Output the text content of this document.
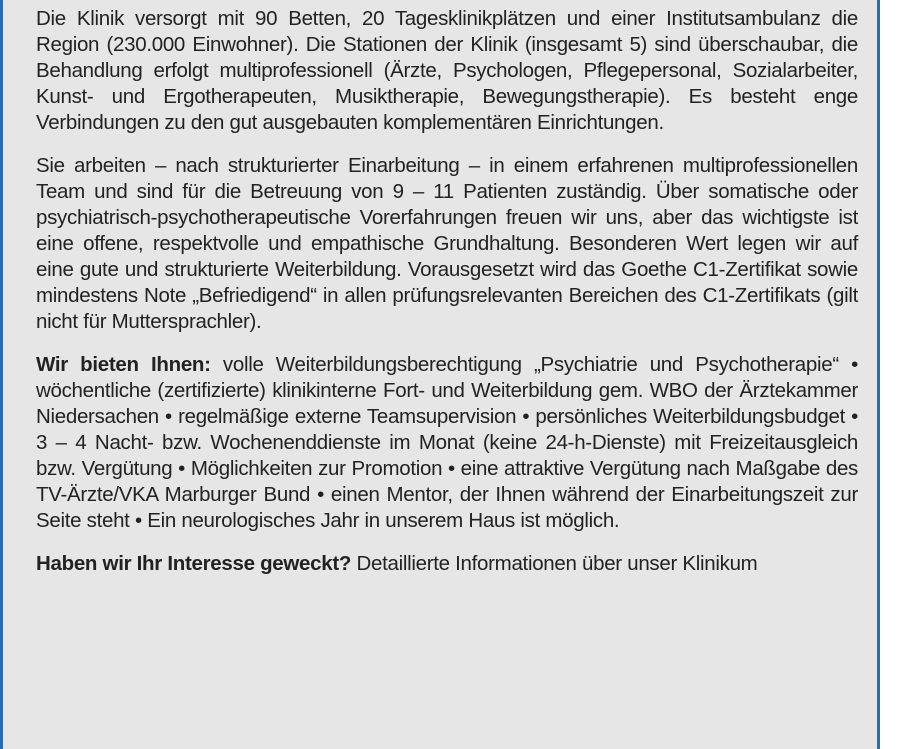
Die Klinik versorgt mit 90 Betten, 20 Tagesklinikplätzen und einer Institutsambulanz die Region (230.000 Einwohner). Die Stationen der Klinik (insgesamt 5) sind überschaubar, die Behandlung erfolgt multiprofessionell (Ärzte, Psychologen, Pflegepersonal, Sozialarbeiter, Kunst- und Ergotherapeuten, Musiktherapie, Bewegungstherapie). Es besteht enge Verbindungen zu den gut ausgebauten komplementären Einrichtungen.

Sie arbeiten – nach strukturierter Einarbeitung – in einem erfahrenen multiprofessionellen Team und sind für die Betreuung von 9 – 11 Patienten zuständig. Über somatische oder psychiatrisch-psychotherapeutische Vorerfahrungen freuen wir uns, aber das wichtigste ist eine offene, respektvolle und empathische Grundhaltung. Besonderen Wert legen wir auf eine gute und strukturierte Weiterbildung. Vorausgesetzt wird das Goethe C1-Zertifikat sowie mindestens Note „Befriedigend“ in allen prüfungsrelevanten Bereichen des C1-Zertifikats (gilt nicht für Muttersprachler).

Wir bieten Ihnen: volle Weiterbildungsberechtigung „Psychiatrie und Psychotherapie“ • wöchentliche (zertifizierte) klinikinterne Fort- und Weiterbildung gem. WBO der Ärztekammer Niedersachen • regelmäßige externe Teamsupervision • persönliches Weiterbildungsbudget • 3 – 4 Nacht- bzw. Wochenenddienste im Monat (keine 24-h-Dienste) mit Freizeitausgleich bzw. Vergütung • Möglichkeiten zur Promotion • eine attraktive Vergütung nach Maßgabe des TV-Ärzte/VKA Marburger Bund • einen Mentor, der Ihnen während der Einarbeitungszeit zur Seite steht • Ein neurologisches Jahr in unserem Haus ist möglich.

Haben wir Ihr Interesse geweckt? Detaillierte Informationen über unser Klinikum
